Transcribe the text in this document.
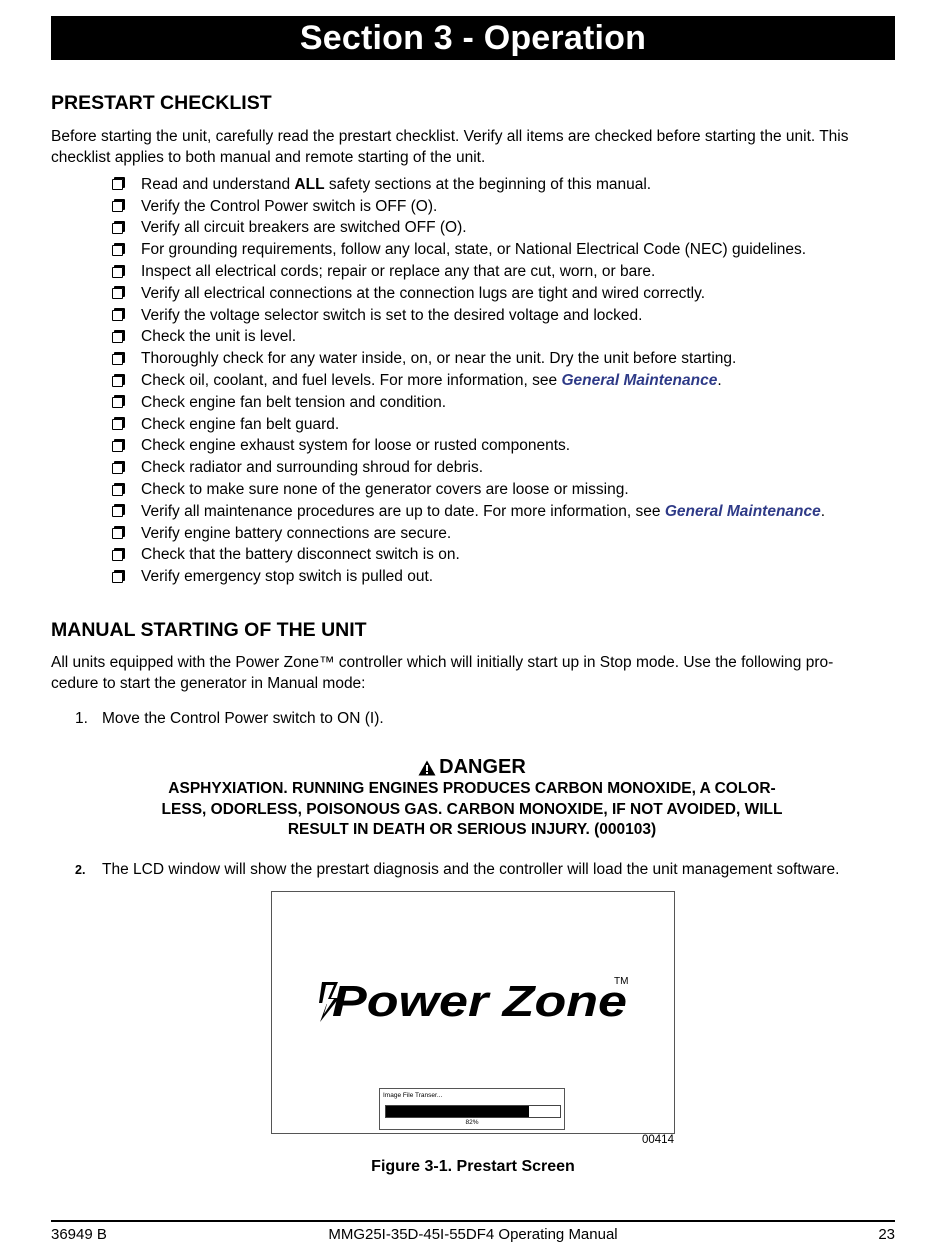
Section 3 - Operation
PRESTART CHECKLIST

Before starting the unit, carefully read the prestart checklist. Verify all items are checked before starting the unit. This checklist applies to both manual and remote starting of the unit.

Read and understand ALL safety sections at the beginning of this manual.
Verify the Control Power switch is OFF (O).
Verify all circuit breakers are switched OFF (O).
For grounding requirements, follow any local, state, or National Electrical Code (NEC) guidelines.
Inspect all electrical cords; repair or replace any that are cut, worn, or bare.
Verify all electrical connections at the connection lugs are tight and wired correctly.
Verify the voltage selector switch is set to the desired voltage and locked.
Check the unit is level.
Thoroughly check for any water inside, on, or near the unit. Dry the unit before starting.
Check oil, coolant, and fuel levels. For more information, see General Maintenance.
Check engine fan belt tension and condition.
Check engine fan belt guard.
Check engine exhaust system for loose or rusted components.
Check radiator and surrounding shroud for debris.
Check to make sure none of the generator covers are loose or missing.
Verify all maintenance procedures are up to date. For more information, see General Maintenance.
Verify engine battery connections are secure.
Check that the battery disconnect switch is on.
Verify emergency stop switch is pulled out.
MANUAL STARTING OF THE UNIT
All units equipped with the Power Zone™ controller which will initially start up in Stop mode. Use the following pro-
cedure to start the generator in Manual mode:
1. Move the Control Power switch to ON (I).
DANGER
ASPHYXIATION. RUNNING ENGINES PRODUCES CARBON MONOXIDE, A COLOR-
LESS, ODORLESS, POISONOUS GAS. CARBON MONOXIDE, IF NOT AVOIDED, WILL
RESULT IN DEATH OR SERIOUS INJURY. (000103)
2.	The LCD window will show the prestart diagnosis and the controller will load the unit management software.
Power Zone
TM
Image File Transer...
82%
00414
Figure 3-1. Prestart Screen
36949 B	MMG25I-35D-45I-55DF4 Operating Manual	23
